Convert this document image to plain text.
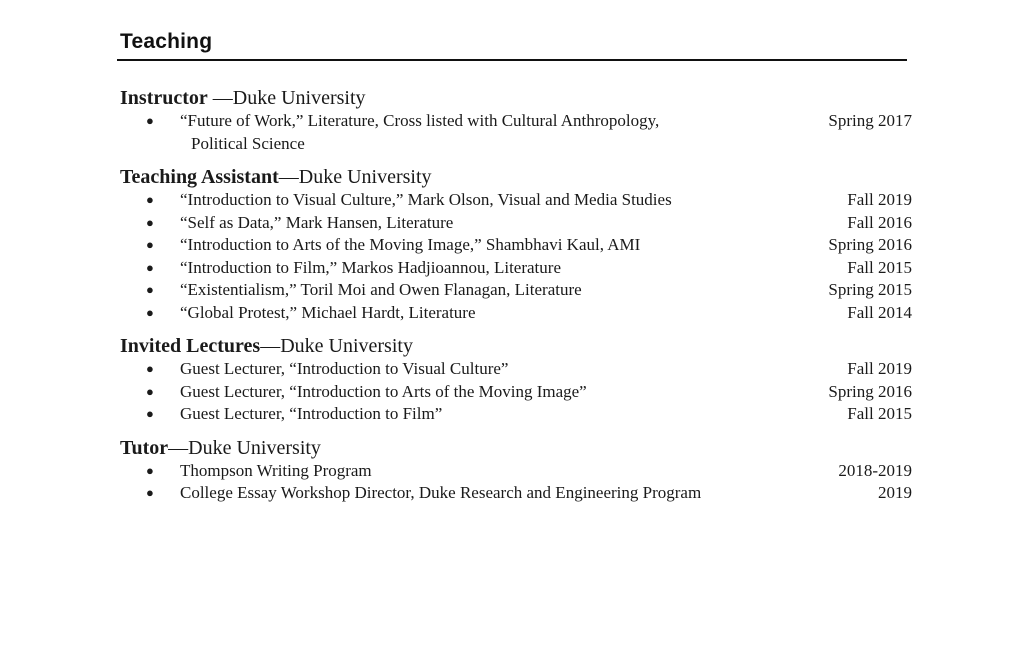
Teaching

Instructor —Duke University

● “Future of Work,” Literature, Cross listed with Cultural Anthropology,
Political Science
Spring 2017

Teaching Assistant—Duke University

● “Introduction to Visual Culture,” Mark Olson, Visual and Media Studies	Fall 2019
● “Self as Data,” Mark Hansen, Literature	Fall 2016
● “Introduction to Arts of the Moving Image,” Shambhavi Kaul, AMI	Spring 2016
● “Introduction to Film,” Markos Hadjioannou, Literature	Fall 2015
● “Existentialism,” Toril Moi and Owen Flanagan, Literature	Spring 2015
● “Global Protest,” Michael Hardt, Literature	Fall 2014

Invited Lectures—Duke University

● Guest Lecturer, “Introduction to Visual Culture”	Fall 2019
● Guest Lecturer, “Introduction to Arts of the Moving Image”	Spring 2016
● Guest Lecturer, “Introduction to Film”	Fall 2015

Tutor—Duke University

● Thompson Writing Program	2018-2019
● College Essay Workshop Director, Duke Research and Engineering Program	2019
